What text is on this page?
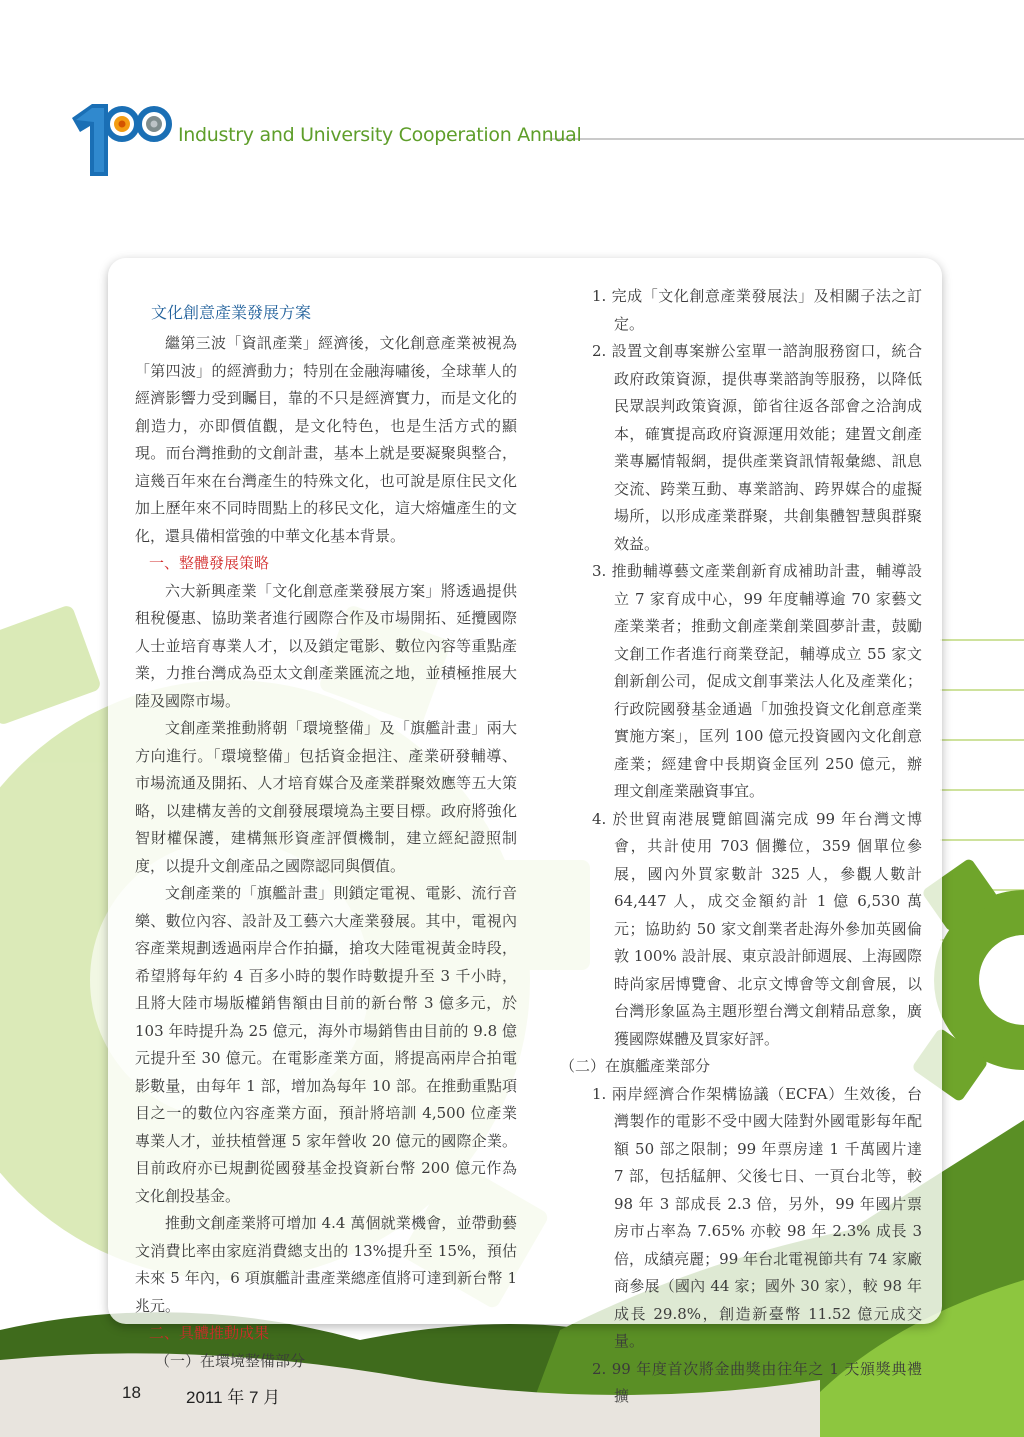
Industry and University Cooperation Annual
文化創意產業發展方案

繼第三波「資訊產業」經濟後，文化創意產業被視為「第四波」的經濟動力；特別在金融海嘯後，全球華人的經濟影響力受到矚目，靠的不只是經濟實力，而是文化的創造力，亦即價值觀，是文化特色，也是生活方式的顯現。而台灣推動的文創計畫，基本上就是要凝聚與整合，這幾百年來在台灣產生的特殊文化，也可說是原住民文化加上歷年來不同時間點上的移民文化，這大熔爐產生的文化，還具備相當強的中華文化基本背景。

一、整體發展策略

六大新興產業「文化創意產業發展方案」將透過提供租稅優惠、協助業者進行國際合作及市場開拓、延攬國際人士並培育專業人才，以及鎖定電影、數位內容等重點產業，力推台灣成為亞太文創產業匯流之地，並積極推展大陸及國際市場。

文創產業推動將朝「環境整備」及「旗艦計畫」兩大方向進行。「環境整備」包括資金挹注、產業研發輔導、市場流通及開拓、人才培育媒合及產業群聚效應等五大策略，以建構友善的文創發展環境為主要目標。政府將強化智財權保護，建構無形資產評價機制，建立經紀證照制度，以提升文創產品之國際認同與價值。

文創產業的「旗艦計畫」則鎖定電視、電影、流行音樂、數位內容、設計及工藝六大產業發展。其中，電視內容產業規劃透過兩岸合作拍攝，搶攻大陸電視黃金時段，希望將每年約 4 百多小時的製作時數提升至 3 千小時，且將大陸市場版權銷售額由目前的新台幣 3 億多元，於 103 年時提升為 25 億元，海外市場銷售由目前的 9.8 億元提升至 30 億元。在電影產業方面，將提高兩岸合拍電影數量，由每年 1 部，增加為每年 10 部。在推動重點項目之一的數位內容產業方面，預計將培訓 4,500 位產業專業人才，並扶植營運 5 家年營收 20 億元的國際企業。目前政府亦已規劃從國發基金投資新台幣 200 億元作為文化創投基金。

推動文創產業將可增加 4.4 萬個就業機會，並帶動藝文消費比率由家庭消費總支出的 13%提升至 15%，預估未來 5 年內，6 項旗艦計畫產業總產值將可達到新台幣 1 兆元。

二、具體推動成果

（一）在環境整備部分

1. 完成「文化創意產業發展法」及相關子法之訂定。

2. 設置文創專案辦公室單一諮詢服務窗口，統合政府政策資源，提供專業諮詢等服務，以降低民眾誤判政策資源，節省往返各部會之洽詢成本，確實提高政府資源運用效能；建置文創產業專屬情報網，提供產業資訊情報彙總、訊息交流、跨業互動、專業諮詢、跨界媒合的虛擬場所，以形成產業群聚，共創集體智慧與群聚效益。

3. 推動輔導藝文產業創新育成補助計畫，輔導設立 7 家育成中心，99 年度輔導逾 70 家藝文產業業者；推動文創產業創業圓夢計畫，鼓勵文創工作者進行商業登記，輔導成立 55 家文創新創公司，促成文創事業法人化及產業化；行政院國發基金通過「加強投資文化創意產業實施方案」，匡列 100 億元投資國內文化創意產業；經建會中長期資金匡列 250 億元，辦理文創產業融資事宜。

4. 於世貿南港展覽館圓滿完成 99 年台灣文博會，共計使用 703 個攤位，359 個單位參展，國內外買家數計 325 人，參觀人數計 64,447 人，成交金額約計 1 億 6,530 萬元；協助約 50 家文創業者赴海外參加英國倫敦 100% 設計展、東京設計師週展、上海國際時尚家居博覽會、北京文博會等文創會展，以台灣形象區為主題形塑台灣文創精品意象，廣獲國際媒體及買家好評。

（二）在旗艦產業部分

1. 兩岸經濟合作架構協議（ECFA）生效後，台灣製作的電影不受中國大陸對外國電影每年配額 50 部之限制；99 年票房達 1 千萬國片達 7 部，包括艋舺、父後七日、一頁台北等，較 98 年 3 部成長 2.3 倍，另外，99 年國片票房市占率為 7.65% 亦較 98 年 2.3% 成長 3 倍，成績亮麗；99 年台北電視節共有 74 家廠商參展（國內 44 家；國外 30 家），較 98 年成長 29.8%，創造新臺幣 11.52 億元成交量。

2. 99 年度首次將金曲獎由往年之 1 天頒獎典禮擴

18	2011 年 7 月
